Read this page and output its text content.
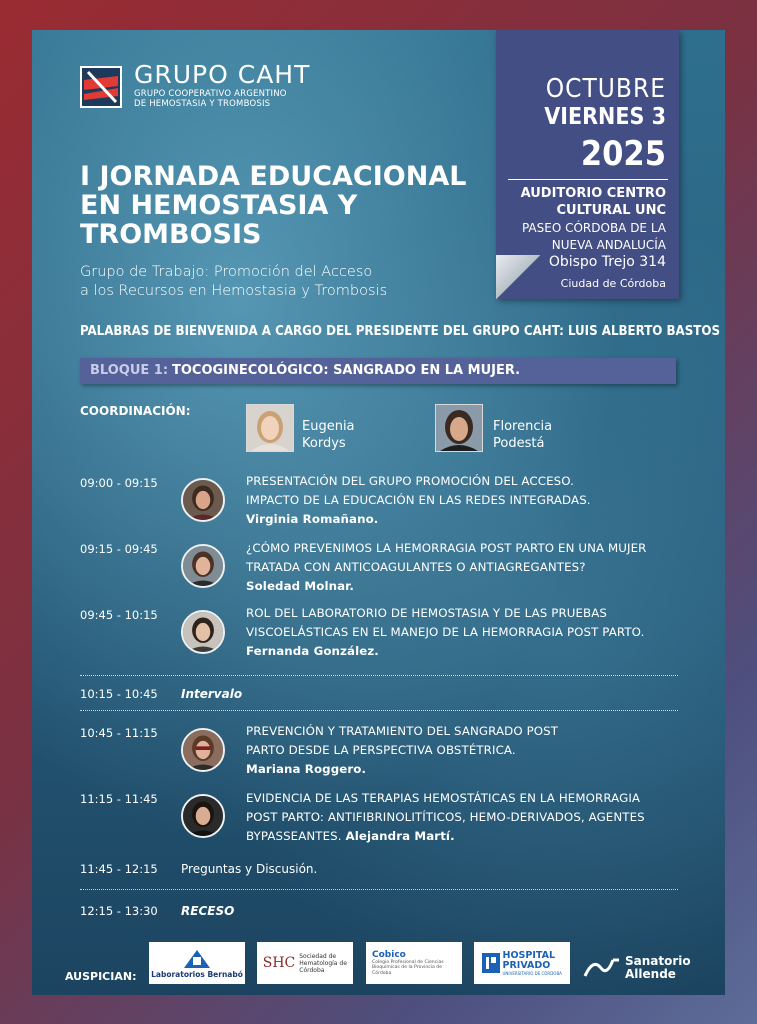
GRUPO CAHT
GRUPO COOPERATIVO ARGENTINO
DE HEMOSTASIA Y TROMBOSIS
I JORNADA EDUCACIONAL
EN HEMOSTASIA Y
TROMBOSIS
Grupo de Trabajo: Promoción del Acceso
a los Recursos en Hemostasia y Trombosis
OCTUBRE
VIERNES 3
2025
AUDITORIO CENTRO
CULTURAL UNC
PASEO CÓRDOBA DE LA
NUEVA ANDALUCÍA
Obispo Trejo 314
Ciudad de Córdoba
PALABRAS DE BIENVENIDA A CARGO DEL PRESIDENTE DEL GRUPO CAHT: LUIS ALBERTO BASTOS
BLOQUE 1: TOCOGINECOLÓGICO: SANGRADO EN LA MUJER.
COORDINACIÓN:
Eugenia
Kordys
Florencia
Podestá
09:00 - 09:15	PRESENTACIÓN DEL GRUPO PROMOCIÓN DEL ACCESO.
IMPACTO DE LA EDUCACIÓN EN LAS REDES INTEGRADAS.
Virginia Romañano.
09:15 - 09:45	¿CÓMO PREVENIMOS LA HEMORRAGIA POST PARTO EN UNA MUJER
TRATADA CON ANTICOAGULANTES O ANTIAGREGANTES?
Soledad Molnar.
09:45 - 10:15	ROL DEL LABORATORIO DE HEMOSTASIA Y DE LAS PRUEBAS
VISCOELÁSTICAS EN EL MANEJO DE LA HEMORRAGIA POST PARTO.
Fernanda González.
10:15 - 10:45 Intervalo
10:45 - 11:15	PREVENCIÓN Y TRATAMIENTO DEL SANGRADO POST
PARTO DESDE LA PERSPECTIVA OBSTÉTRICA.
Mariana Roggero.
11:15 - 11:45	EVIDENCIA DE LAS TERAPIAS HEMOSTÁTICAS EN LA HEMORRAGIA
POST PARTO: ANTIFIBRINOLITÍTICOS, HEMO-DERIVADOS, AGENTES
BYPASSEANTES. Alejandra Martí.
11:45 - 12:15 Preguntas y Discusión.
12:15 - 13:30 RECESO
AUSPICIAN: Laboratorios Bernabó
SHC Sociedad de Hematología de Córdoba
Cobico
Colegio Profesional de Ciencias Bioquímicas de la Provincia de Córdoba
HOSPITAL PRIVADO
UNIVERSITARIO DE CÓRDOBA
Sanatorio
Allende
